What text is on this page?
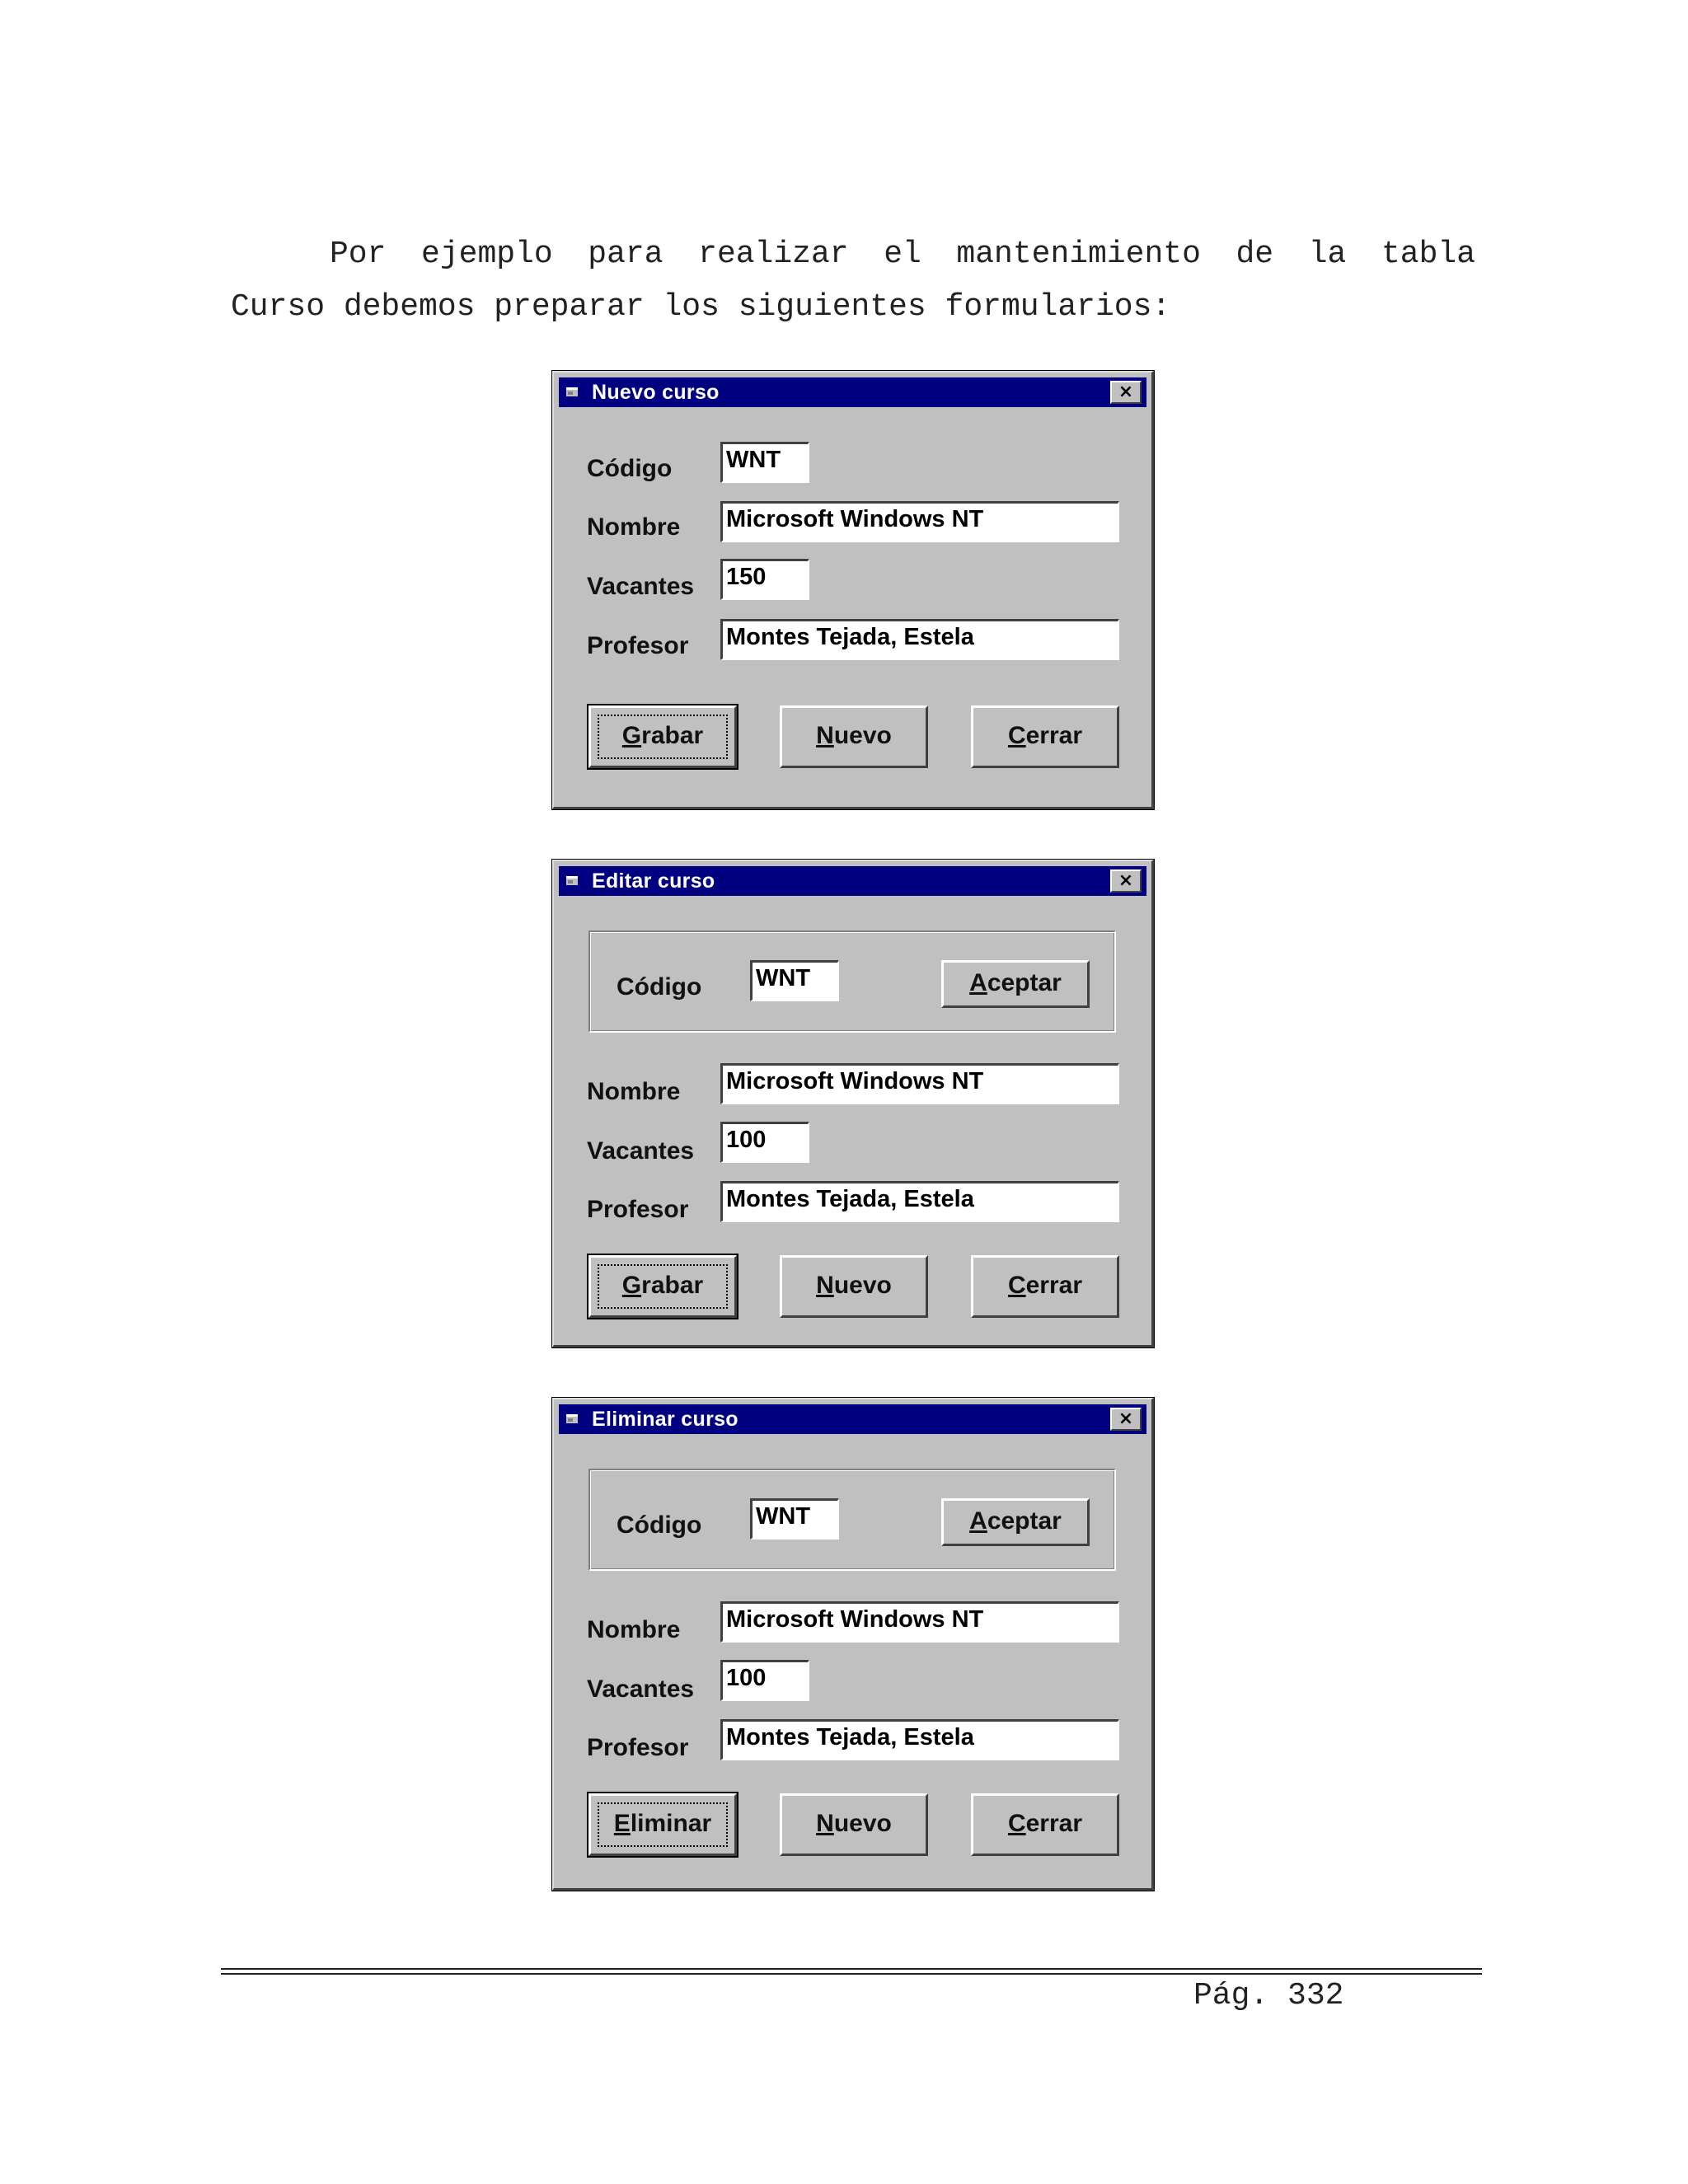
Por ejemplo para realizar el mantenimiento de la tabla
Curso debemos preparar los siguientes formularios:

Nuevo curso	×
Código WNT
Nombre Microsoft Windows NT
Vacantes 150
Profesor Montes Tejada, Estela
Grabar	Nuevo	Cerrar
Editar curso	×
Código WNT	Aceptar
Nombre Microsoft Windows NT
Vacantes 100
Profesor Montes Tejada, Estela
Grabar	Nuevo	Cerrar
Eliminar curso	×
Código WNT	Aceptar
Nombre Microsoft Windows NT
Vacantes 100
Profesor Montes Tejada, Estela
Eliminar	Nuevo	Cerrar
Pág. 332
